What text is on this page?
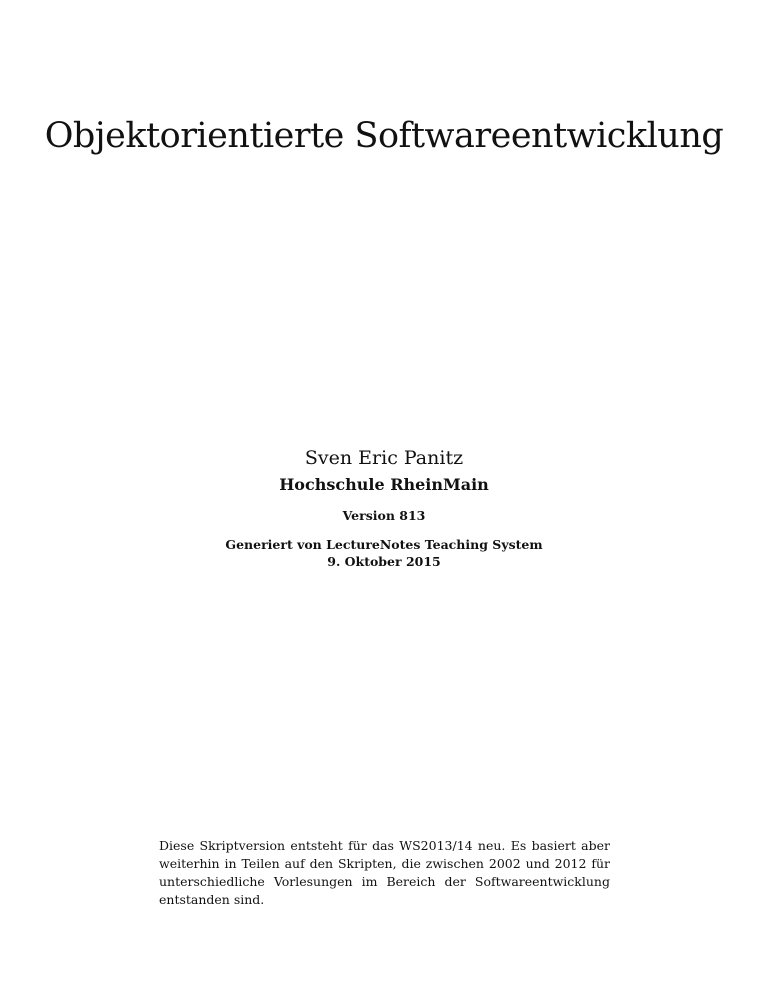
Objektorientierte Softwareentwicklung
Sven Eric Panitz
Hochschule RheinMain
Version 813
Generiert von LectureNotes Teaching System
9. Oktober 2015

Diese Skriptversion entsteht für das WS2013/14 neu. Es basiert aber weiterhin in Teilen auf den Skripten, die zwischen 2002 und 2012 für unterschiedliche Vorlesungen im Bereich der Softwareentwicklung entstanden sind.
